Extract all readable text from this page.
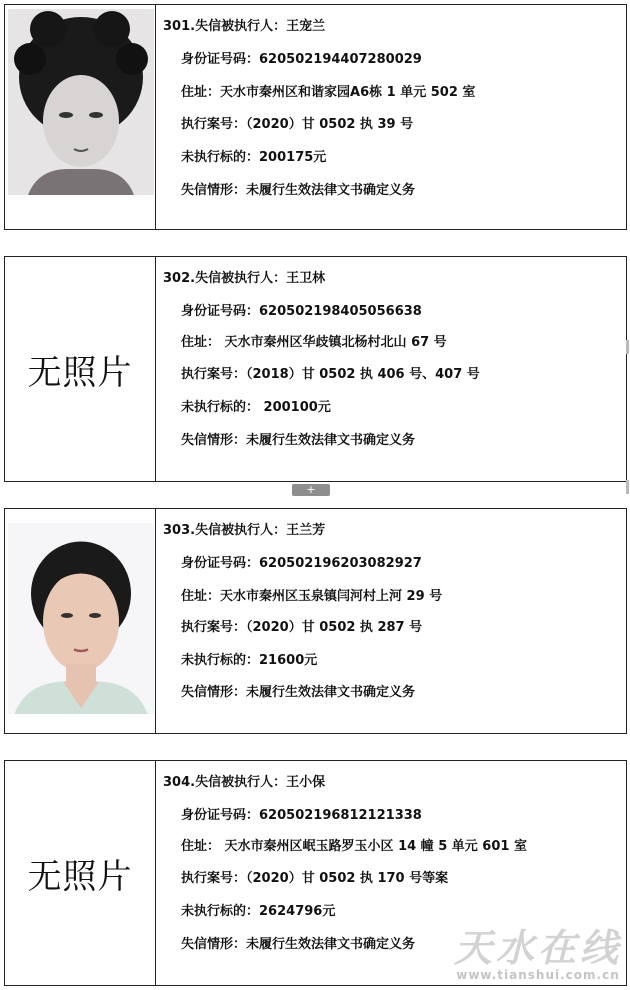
301.失信被执行人：王宠兰
身份证号码：620502194407280029
住址：天水市秦州区和谐家园A6栋 1 单元 502 室
执行案号：（2020）甘 0502 执 39 号
未执行标的：200175元
失信情形：未履行生效法律文书确定义务
无照片
302.失信被执行人：王卫林
身份证号码：620502198405056638
住址： 天水市秦州区华歧镇北杨村北山 67 号
执行案号：（2018）甘 0502 执 406 号、407 号
未执行标的： 200100元
失信情形：未履行生效法律文书确定义务
+
303.失信被执行人：王兰芳
身份证号码：620502196203082927
住址：天水市秦州区玉泉镇闫河村上河 29 号
执行案号：（2020）甘 0502 执 287 号
未执行标的：21600元
失信情形：未履行生效法律文书确定义务
无照片
304.失信被执行人：王小保
身份证号码：620502196812121338
住址： 天水市秦州区岷玉路罗玉小区 14 幢 5 单元 601 室
执行案号：（2020）甘 0502 执 170 号等案
未执行标的：2624796元
失信情形：未履行生效法律文书确定义务 天水在线
www.tianshui.com.cn
